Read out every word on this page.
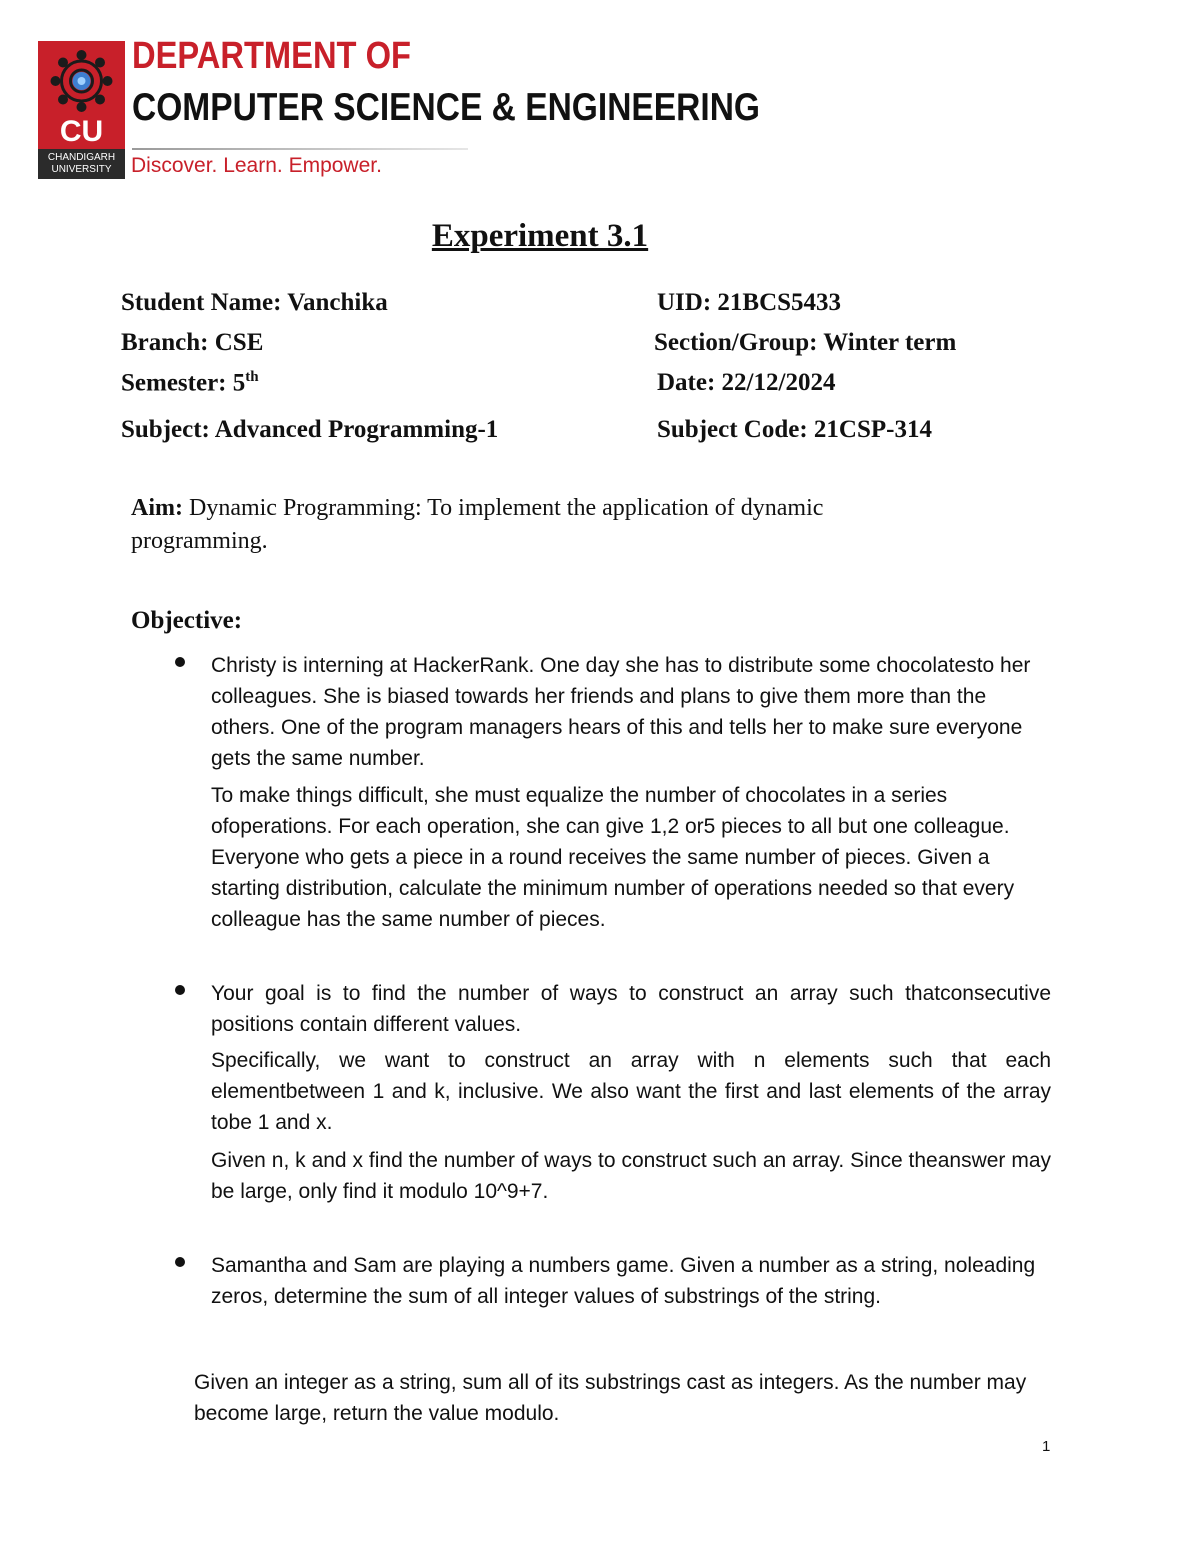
CU
CHANDIGARH
UNIVERSITY
DEPARTMENT OF
COMPUTER SCIENCE & ENGINEERING
Discover. Learn. Empower.
Experiment 3.1
Student Name: Vanchika	UID: 21BCS5433
Branch: CSE	Section/Group: Winter term
Semester: 5th	Date: 22/12/2024
Subject: Advanced Programming-1	Subject Code: 21CSP-314
Aim: Dynamic Programming: To implement the application of dynamic programming.
Objective:
Christy is interning at HackerRank. One day she has to distribute some chocolatesto her colleagues. She is biased towards her friends and plans to give them more than the others. One of the program managers hears of this and tells her to make sure everyone gets the same number.
To make things difficult, she must equalize the number of chocolates in a series ofoperations. For each operation, she can give 1,2 or5 pieces to all but one colleague. Everyone who gets a piece in a round receives the same number of pieces. Given a starting distribution, calculate the minimum number of operations needed so that every colleague has the same number of pieces.
Your goal is to find the number of ways to construct an array such thatconsecutive positions contain different values.
Specifically, we want to construct an array with n elements such that each elementbetween 1 and k, inclusive. We also want the first and last elements of the array tobe 1 and x.
Given n, k and x find the number of ways to construct such an array. Since theanswer may be large, only find it modulo 10^9+7.
Samantha and Sam are playing a numbers game. Given a number as a string, noleading zeros, determine the sum of all integer values of substrings of the string.
Given an integer as a string, sum all of its substrings cast as integers. As the number may become large, return the value modulo.
1
